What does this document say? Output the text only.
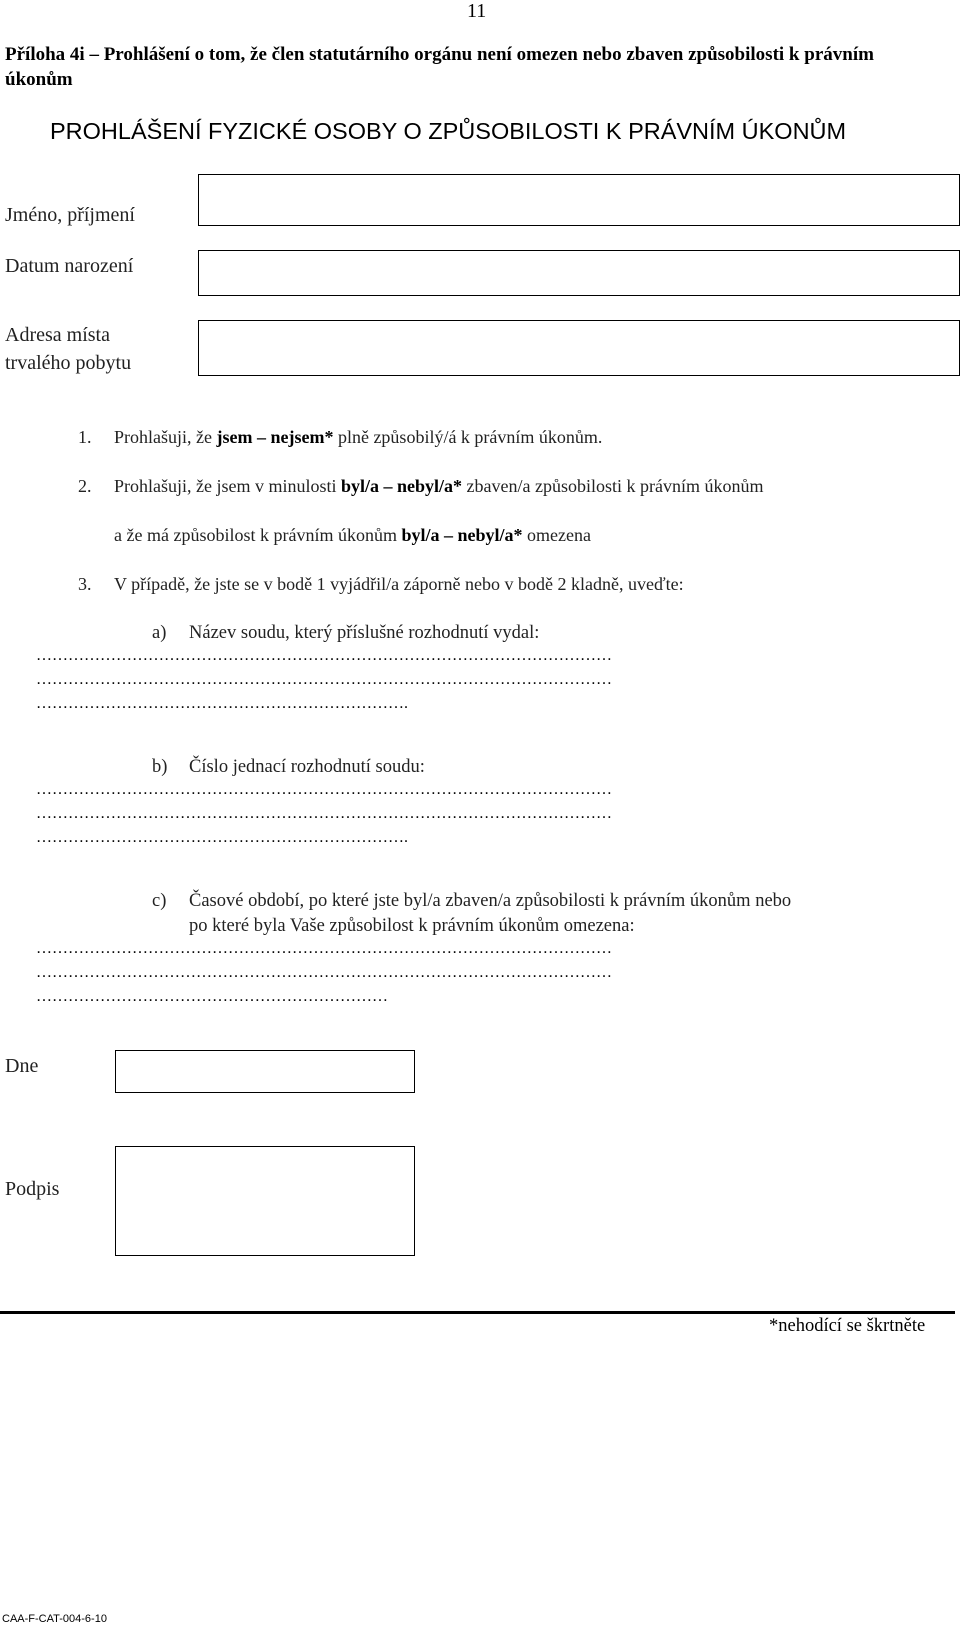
11
Příloha 4i – Prohlášení o tom, že člen statutárního orgánu není omezen nebo zbaven způsobilosti k právním úkonům
PROHLÁŠENÍ FYZICKÉ OSOBY O ZPŮSOBILOSTI K PRÁVNÍM ÚKONŮM
Jméno, příjmení
Datum narození
Adresa místa
trvalého pobytu
1. Prohlašuji, že jsem – nejsem* plně způsobilý/á k právním úkonům.
2. Prohlašuji, že jsem v minulosti byl/a – nebyl/a* zbaven/a způsobilosti k právním úkonům
a že má způsobilost k právním úkonům byl/a – nebyl/a* omezena
3. V případě, že jste se v bodě 1 vyjádřil/a záporně nebo v bodě 2 kladně, uveďte:
a) Název soudu, který příslušné rozhodnutí vydal:
………………………………………………………………………………………………
………………………………………………………………………………………………
…………………………………………………………….
b) Číslo jednací rozhodnutí soudu:
………………………………………………………………………………………………
………………………………………………………………………………………………
…………………………………………………………….
c) Časové období, po které jste byl/a zbaven/a způsobilosti k právním úkonům nebo
po které byla Vaše způsobilost k právním úkonům omezena:
………………………………………………………………………………………………
………………………………………………………………………………………………
…………………………………………………………
Dne
Podpis
*nehodící se škrtněte
CAA-F-CAT-004-6-10
